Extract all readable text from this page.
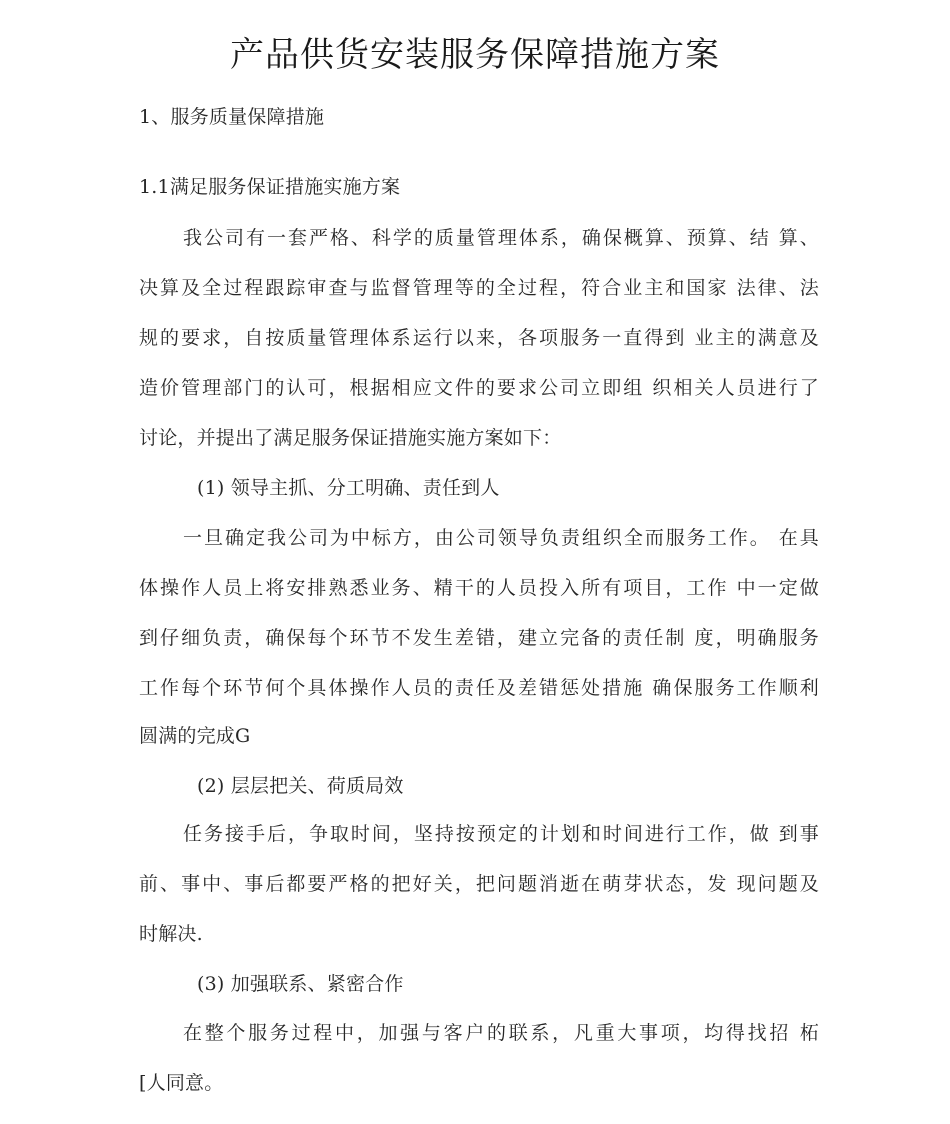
产品供货安装服务保障措施方案
1、服务质量保障措施
1.1满足服务保证措施实施方案
我公司有一套严格、科学的质量管理体系，确保概算、预算、结 算、
决算及全过程跟踪审查与监督管理等的全过程，符合业主和国家 法律、法
规的要求，自按质量管理体系运行以来，各项服务一直得到 业主的满意及
造价管理部门的认可，根据相应文件的要求公司立即组 织相关人员进行了
讨论，并提出了满足服务保证措施实施方案如下：
(1) 领导主抓、分工明确、责任到人
一旦确定我公司为中标方，由公司领导负责组织全而服务工作。 在具
体操作人员上将安排熟悉业务、精干的人员投入所有项目，工作 中一定做
到仔细负责，确保每个环节不发生差错，建立完备的责任制 度，明确服务
工作每个环节何个具体操作人员的责任及差错惩处措施 确保服务工作顺利
圆满的完成G
(2) 层层把关、荷质局效
任务接手后，争取时间，坚持按预定的计划和时间进行工作，做 到事
前、事中、事后都要严格的把好关，把问题消逝在萌芽状态，发 现问题及
时解决.
(3) 加强联系、紧密合作
在整个服务过程中，加强与客户的联系，凡重大事项，均得找招 柘
[人同意。
